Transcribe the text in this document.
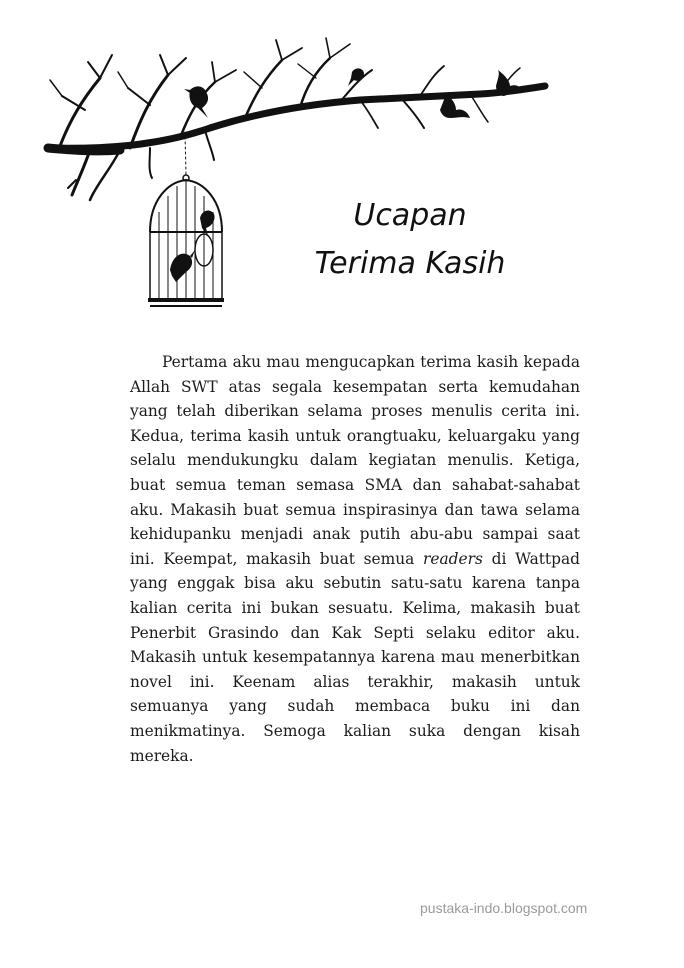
Ucapan
Terima Kasih
Pertama aku mau mengucapkan terima kasih kepada Allah SWT atas segala kesempatan serta kemudahan yang telah diberikan selama proses menulis cerita ini. Kedua, terima kasih untuk orangtuaku, keluargaku yang selalu mendukungku dalam kegiatan menulis. Ketiga, buat semua teman semasa SMA dan sahabat-sahabat aku. Makasih buat semua inspirasinya dan tawa selama kehidupanku menjadi anak putih abu-abu sampai saat ini. Keempat, makasih buat semua readers di Wattpad yang enggak bisa aku sebutin satu-satu karena tanpa kalian cerita ini bukan sesuatu. Kelima, makasih buat Penerbit Grasindo dan Kak Septi selaku editor aku. Makasih untuk kesempatannya karena mau menerbitkan novel ini. Keenam alias terakhir, makasih untuk semuanya yang sudah membaca buku ini dan menikmatinya. Semoga kalian suka dengan kisah mereka.
pustaka-indo.blogspot.com
